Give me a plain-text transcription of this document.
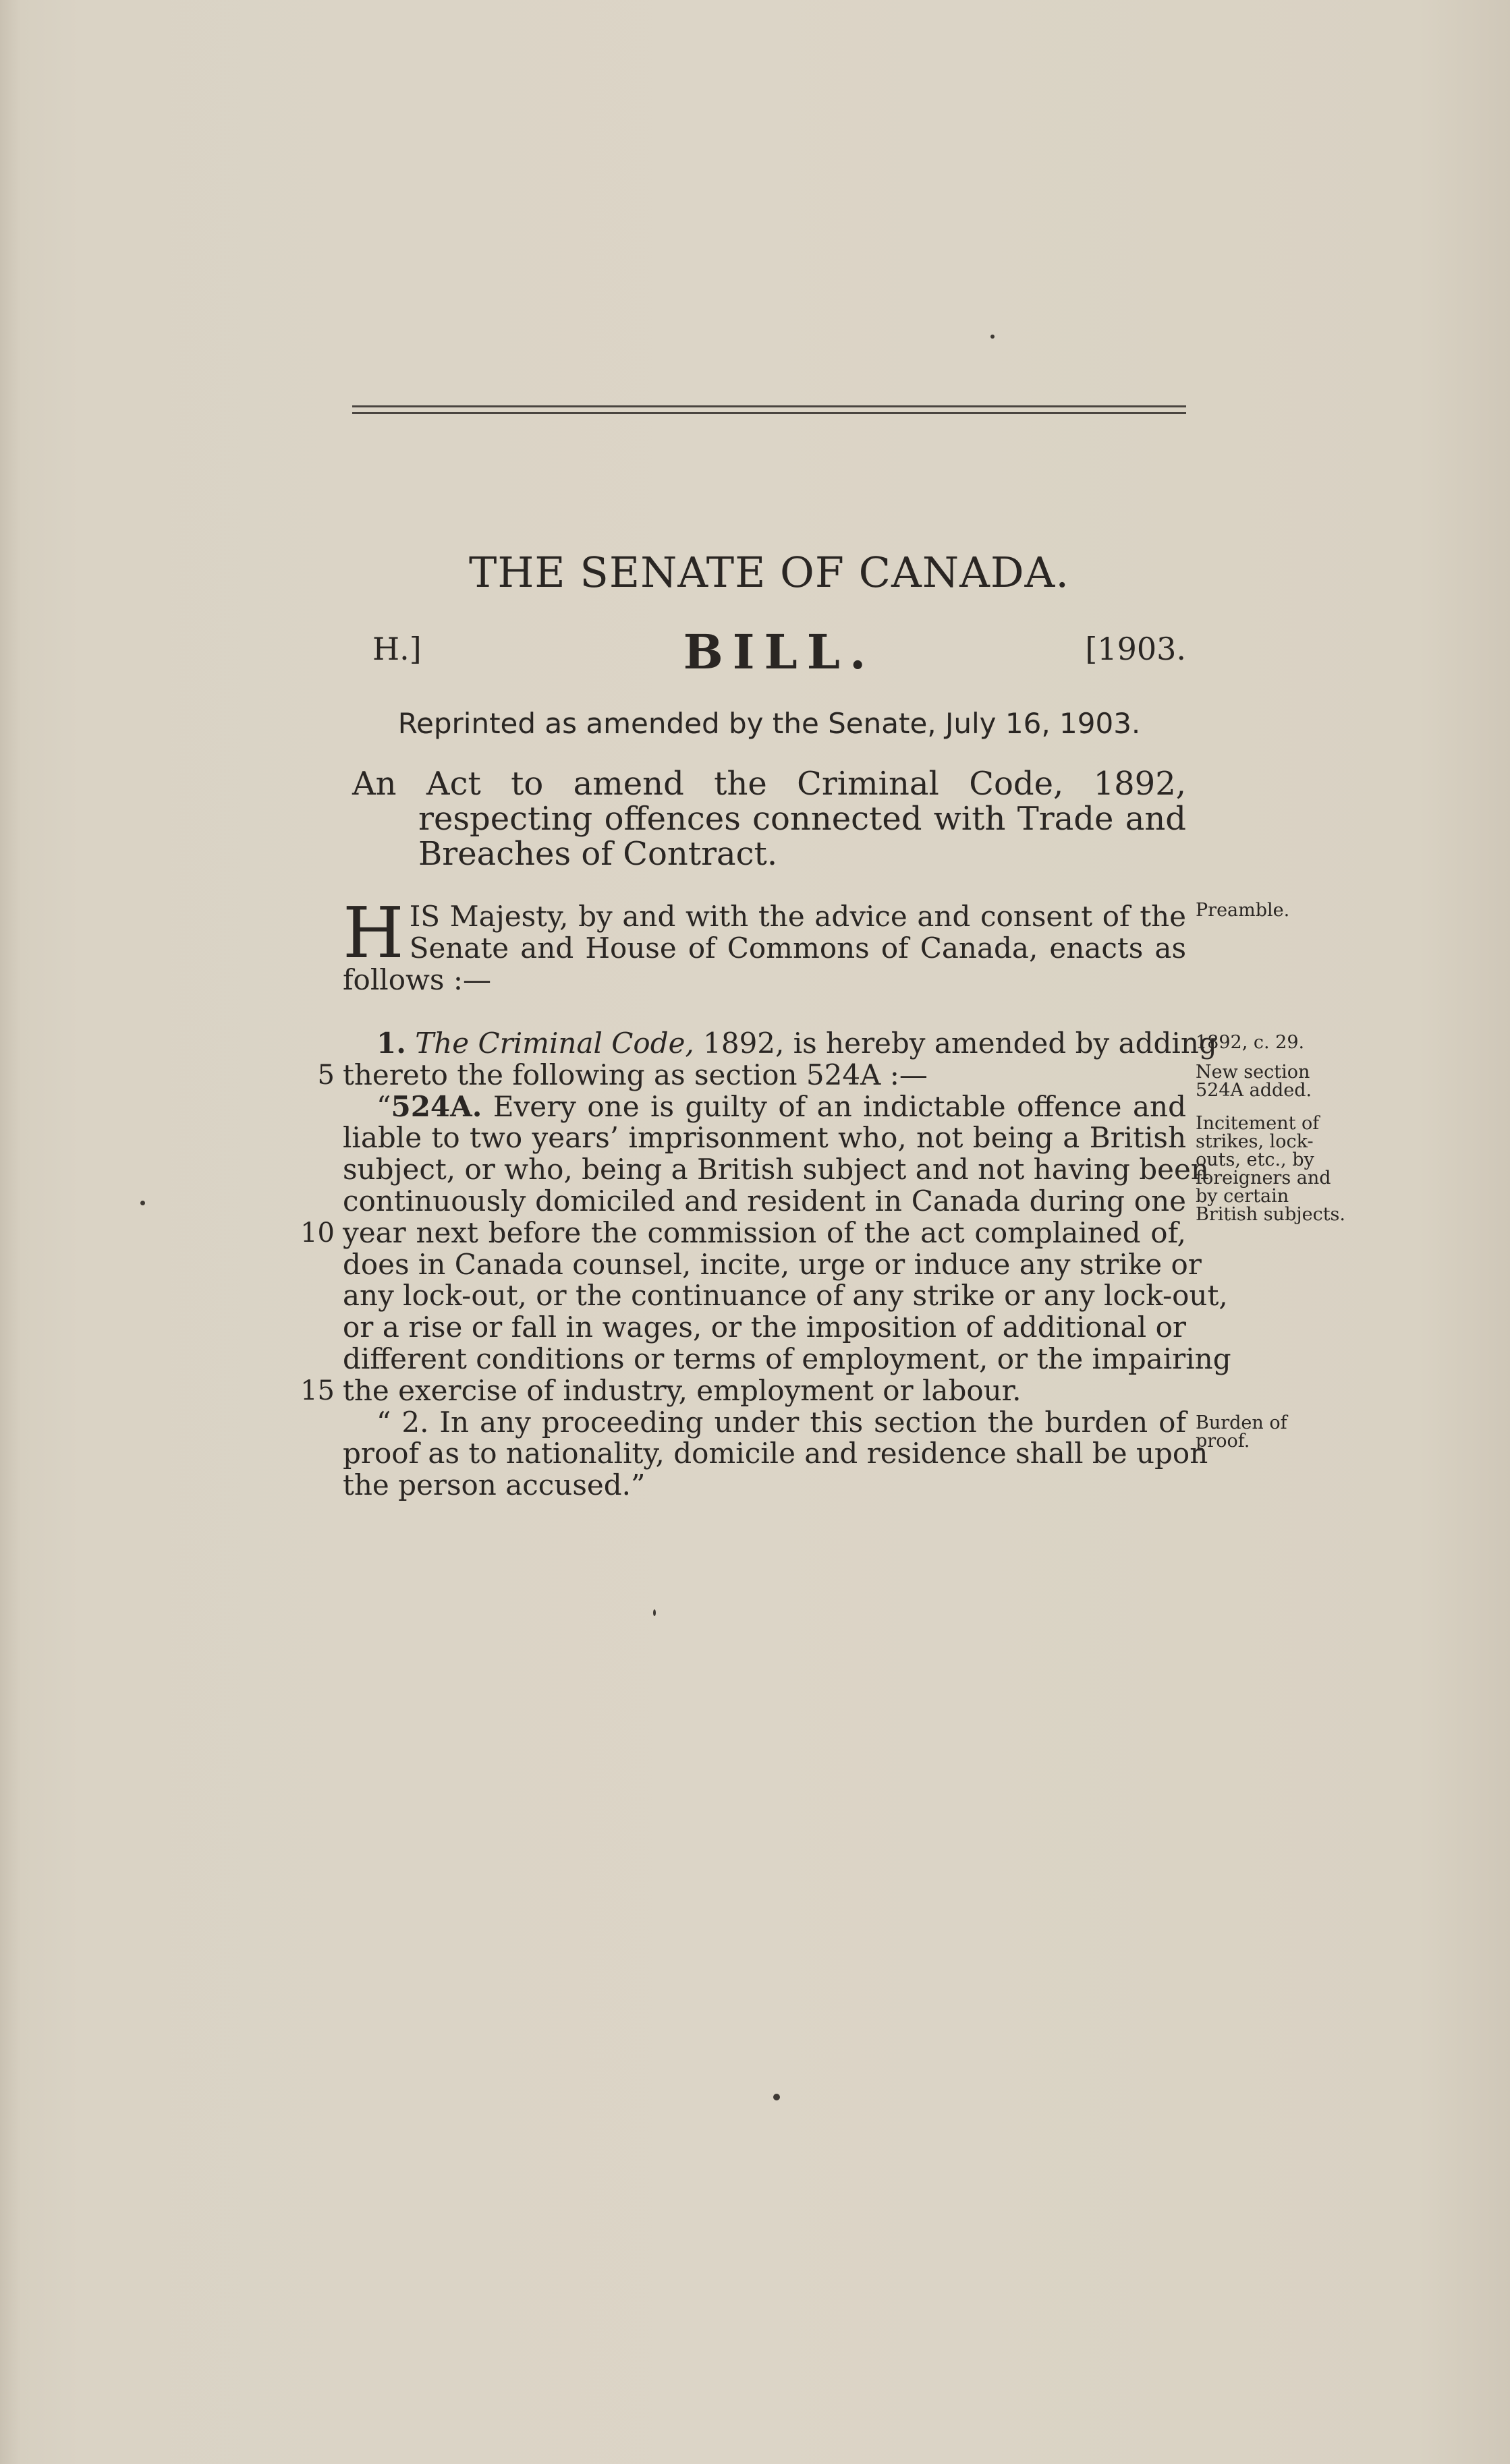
THE SENATE OF CANADA.
H.]	BILL.	[1903.
Reprinted as amended by the Senate, July 16, 1903.
An Act to amend the Criminal Code, 1892, respecting offences connected with Trade and Breaches of Contract.
H IS Majesty, by and with the advice and consent of the
Senate and House of Commons of Canada, enacts as
follows :—
1. The Criminal Code, 1892, is hereby amended by adding
thereto the following as section 524A :—
“524A. Every one is guilty of an indictable offence and
liable to two years’ imprisonment who, not being a British
subject, or who, being a British subject and not having been
continuously domiciled and resident in Canada during one
year next before the commission of the act complained of,
does in Canada counsel, incite, urge or induce any strike or
any lock-out, or the continuance of any strike or any lock-out,
or a rise or fall in wages, or the imposition of additional or
different conditions or terms of employment, or the impairing
the exercise of industry, employment or labour.
“ 2. In any proceeding under this section the burden of
proof as to nationality, domicile and residence shall be upon
the person accused.”
5
10
15
Preamble.
1892, c. 29.
New section 524A added.
Incitement of strikes, lock-outs, etc., by foreigners and by certain British subjects.
Burden of proof.
